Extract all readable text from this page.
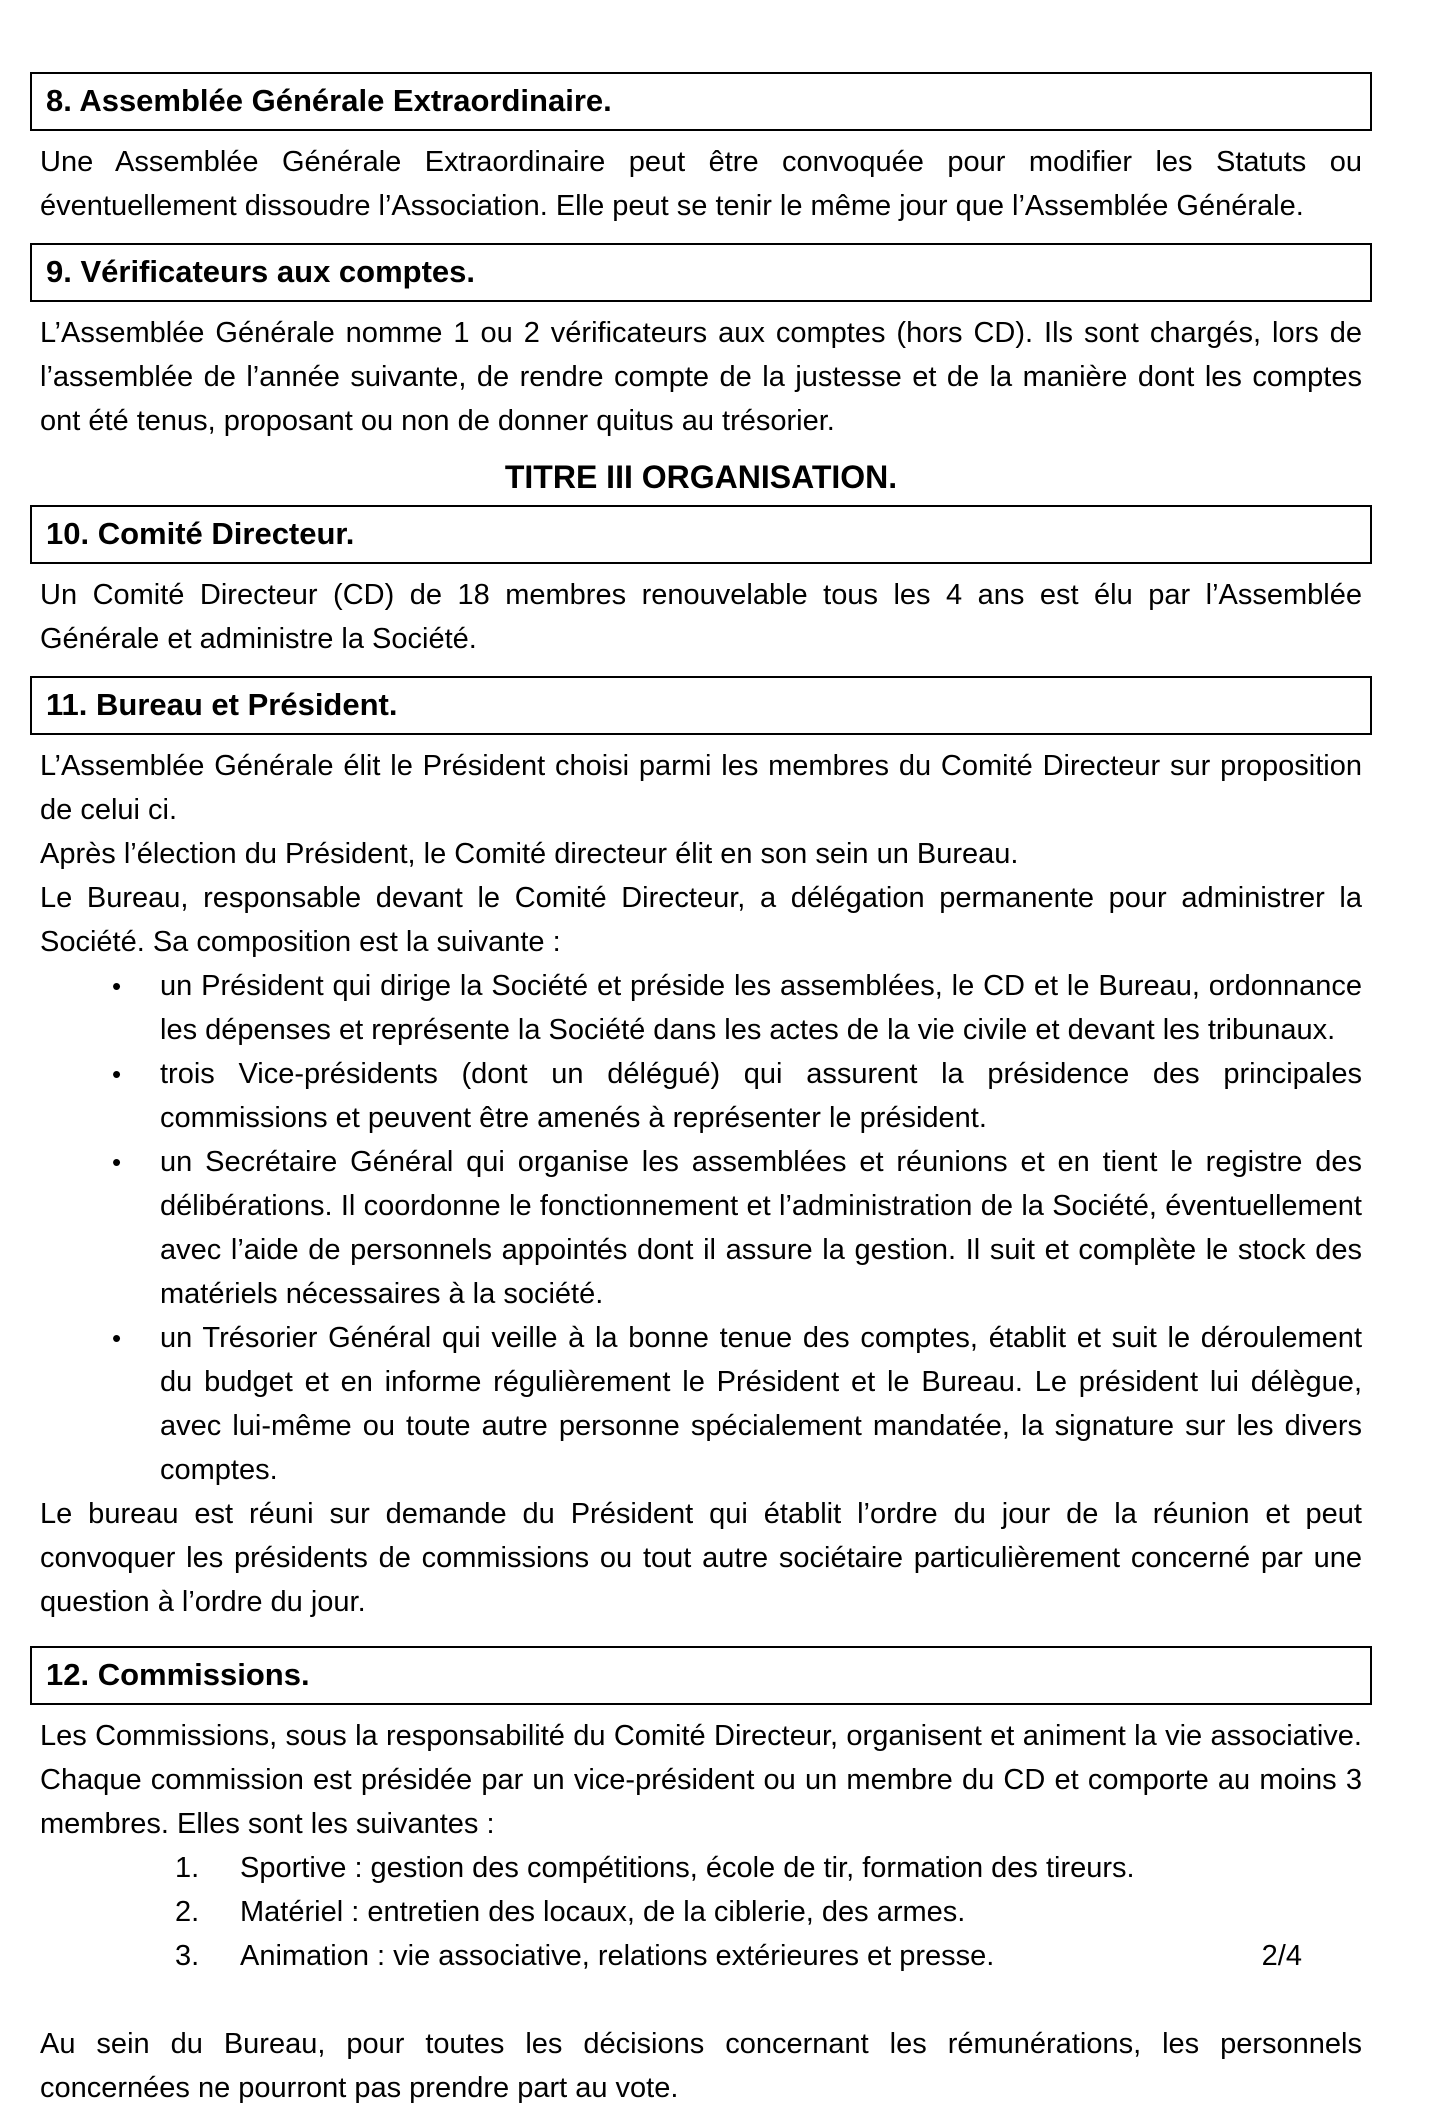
8. Assemblée Générale Extraordinaire.
Une Assemblée Générale Extraordinaire peut être convoquée pour modifier les Statuts ou éventuellement dissoudre l’Association. Elle peut se tenir le même jour que l’Assemblée Générale.
9. Vérificateurs aux comptes.
L’Assemblée Générale nomme 1 ou 2 vérificateurs aux comptes (hors CD). Ils sont chargés, lors de l’assemblée de l’année suivante, de rendre compte de la justesse et de la manière dont les comptes ont été tenus, proposant ou non de donner quitus au trésorier.
TITRE III ORGANISATION.
10. Comité Directeur.
Un Comité Directeur (CD) de 18 membres renouvelable tous les 4 ans est élu par l’Assemblée Générale et administre la Société.
11. Bureau et Président.
L’Assemblée Générale élit le Président choisi parmi les membres du Comité Directeur sur proposition de celui ci.
Après l’élection du Président, le Comité directeur élit en son sein un Bureau.
Le Bureau, responsable devant le Comité Directeur, a délégation permanente pour administrer la Société. Sa composition est la suivante :
• un Président qui dirige la Société et préside les assemblées, le CD et le Bureau, ordonnance les dépenses et représente la Société dans les actes de la vie civile et devant les tribunaux.
• trois Vice-présidents (dont un délégué) qui assurent la présidence des principales commissions et peuvent être amenés à représenter le président.
• un Secrétaire Général qui organise les assemblées et réunions et en tient le registre des délibérations. Il coordonne le fonctionnement et l’administration de la Société, éventuellement avec l’aide de personnels appointés dont il assure la gestion. Il suit et complète le stock des matériels nécessaires à la société.
• un Trésorier Général qui veille à la bonne tenue des comptes, établit et suit le déroulement du budget et en informe régulièrement le Président et le Bureau. Le président lui délègue, avec lui-même ou toute autre personne spécialement mandatée, la signature sur les divers comptes.
Le bureau est réuni sur demande du Président qui établit l’ordre du jour de la réunion et peut convoquer les présidents de commissions ou tout autre sociétaire particulièrement concerné par une question à l’ordre du jour.
12. Commissions.
Les Commissions, sous la responsabilité du Comité Directeur, organisent et animent la vie associative. Chaque commission est présidée par un vice-président ou un membre du CD et comporte au moins 3 membres. Elles sont les suivantes :
1. Sportive : gestion des compétitions, école de tir, formation des tireurs.
2. Matériel : entretien des locaux, de la ciblerie, des armes.
3. Animation : vie associative, relations extérieures et presse.
Au sein du Bureau, pour toutes les décisions concernant les rémunérations, les personnels concernées ne pourront pas prendre part au vote.
2/4
